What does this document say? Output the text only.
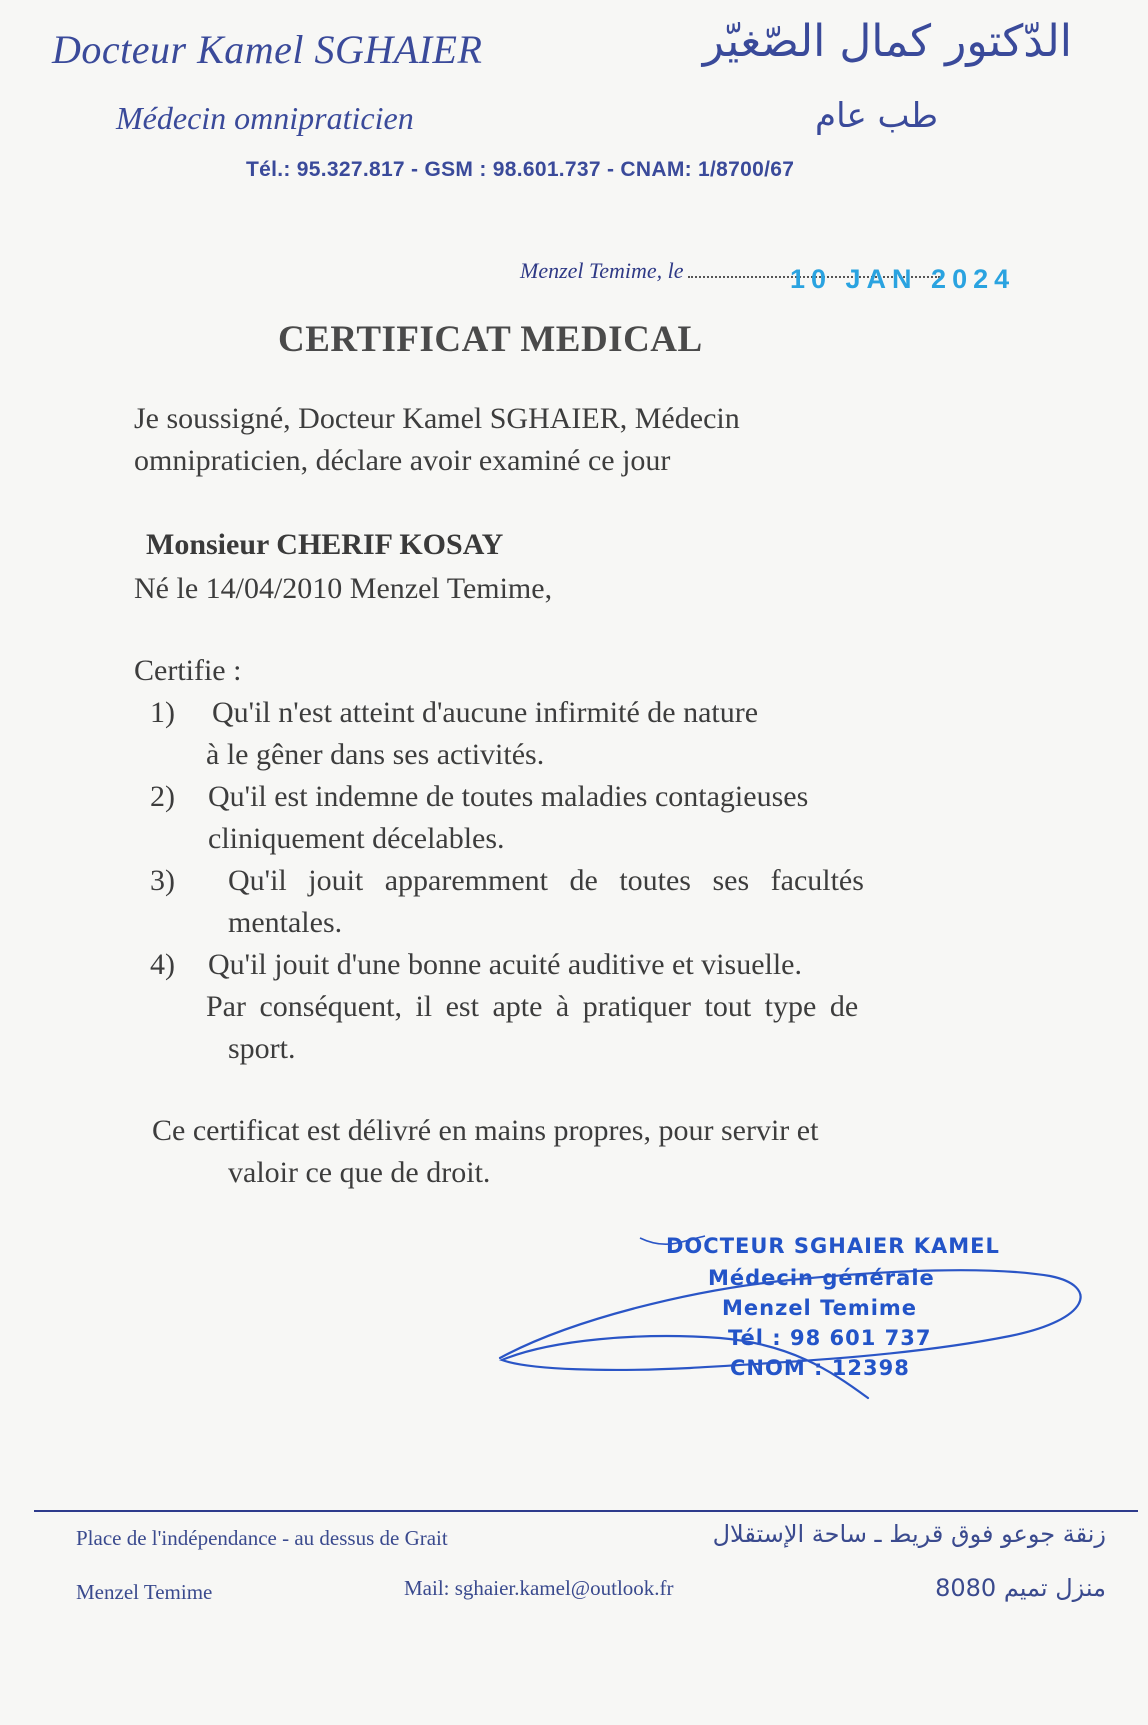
Docteur Kamel SGHAIER
Médecin omnipraticien
الدّكتور كمال الصّغيّر
طب عام
Tél.: 95.327.817 - GSM : 98.601.737 - CNAM: 1/8700/67
Menzel Temime, le	10 JAN 2024
CERTIFICAT MEDICAL
Je soussigné, Docteur Kamel SGHAIER, Médecin
omnipraticien, déclare avoir examiné ce jour
Monsieur CHERIF KOSAY
Né le 14/04/2010 Menzel Temime,
Certifie :
1) Qu'il n'est atteint d'aucune infirmité de nature
à le gêner dans ses activités.
2) Qu'il est indemne de toutes maladies contagieuses
cliniquement décelables.
3) Qu'il jouit apparemment de toutes ses facultés
mentales.
4) Qu'il jouit d'une bonne acuité auditive et visuelle.
Par conséquent, il est apte à pratiquer tout type de
sport.
Ce certificat est délivré en mains propres, pour servir et
valoir ce que de droit.
DOCTEUR SGHAIER KAMEL
Médecin générale
Menzel Temime
Tél : 98 601 737
CNOM : 12398
Place de l'indépendance - au dessus de Grait
Menzel Temime	Mail: sghaier.kamel@outlook.fr
زنقة جوعو فوق قريط ـ ساحة الإستقلال
منزل تميم 8080
